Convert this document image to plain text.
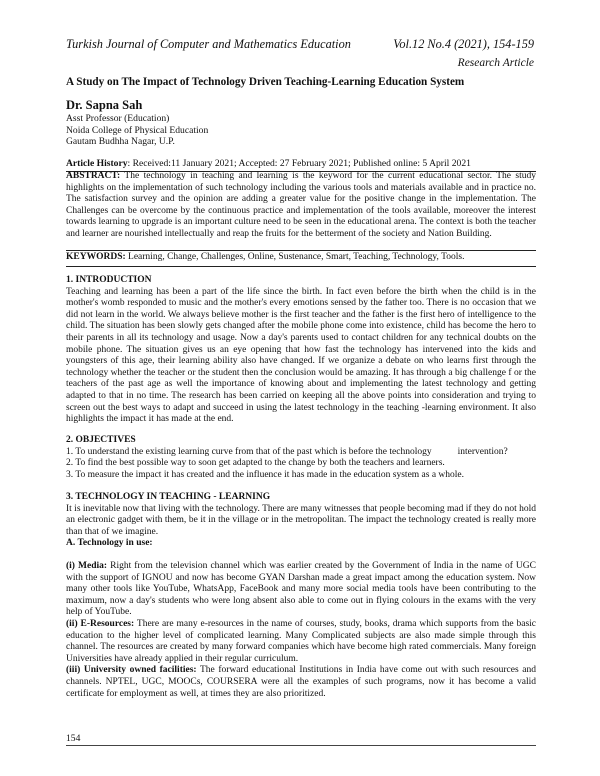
Turkish Journal of Computer and Mathematics Education	Vol.12 No.4 (2021), 154-159
Research Article
A Study on The Impact of Technology Driven Teaching-Learning Education System
Dr. Sapna Sah
Asst Professor (Education)
Noida College of Physical Education
Gautam Budhha Nagar, U.P.
Article History: Received:11 January 2021; Accepted: 27 February 2021; Published online: 5 April 2021

ABSTRACT: The technology in teaching and learning is the keyword for the current educational sector. The study highlights on the implementation of such technology including the various tools and materials available and in practice no. The satisfaction survey and the opinion are adding a greater value for the positive change in the implementation. The Challenges can be overcome by the continuous practice and implementation of the tools available, moreover the interest towards learning to upgrade is an important culture need to be seen in the educational arena. The context is both the teacher and learner are nourished intellectually and reap the fruits for the betterment of the society and Nation Building.

KEYWORDS: Learning, Change, Challenges, Online, Sustenance, Smart, Teaching, Technology, Tools.

1. INTRODUCTION

Teaching and learning has been a part of the life since the birth. In fact even before the birth when the child is in the mother's womb responded to music and the mother's every emotions sensed by the father too. There is no occasion that we did not learn in the world. We always believe mother is the first teacher and the father is the first hero of intelligence to the child. The situation has been slowly gets changed after the mobile phone come into existence, child has become the hero to their parents in all its technology and usage. Now a day's parents used to contact children for any technical doubts on the mobile phone. The situation gives us an eye opening that how fast the technology has intervened into the kids and youngsters of this age, their learning ability also have changed. If we organize a debate on who learns first through the technology whether the teacher or the student then the conclusion would be amazing. It has through a big challenge f or the teachers of the past age as well the importance of knowing about and implementing the latest technology and getting adapted to that in no time. The research has been carried on keeping all the above points into consideration and trying to screen out the best ways to adapt and succeed in using the latest technology in the teaching -learning environment. It also highlights the impact it has made at the end.

2. OBJECTIVES

1. To understand the existing learning curve from that of the past which is before the technology	intervention?

2. To find the best possible way to soon get adapted to the change by both the teachers and learners.

3. To measure the impact it has created and the influence it has made in the education system as a whole.

3. TECHNOLOGY IN TEACHING - LEARNING

It is inevitable now that living with the technology. There are many witnesses that people becoming mad if they do not hold an electronic gadget with them, be it in the village or in the metropolitan. The impact the technology created is really more than that of we imagine.

A. Technology in use:

(i) Media: Right from the television channel which was earlier created by the Government of India in the name of UGC with the support of IGNOU and now has become GYAN Darshan made a great impact among the education system. Now many other tools like YouTube, WhatsApp, FaceBook and many more social media tools have been contributing to the maximum, now a day's students who were long absent also able to come out in flying colours in the exams with the very help of YouTube.

(ii) E-Resources: There are many e-resources in the name of courses, study, books, drama which supports from the basic education to the higher level of complicated learning. Many Complicated subjects are also made simple through this channel. The resources are created by many forward companies which have become high rated commercials. Many foreign Universities have already applied in their regular curriculum.

(iii) University owned facilities: The forward educational Institutions in India have come out with such resources and channels. NPTEL, UGC, MOOCs, COURSERA were all the examples of such programs, now it has become a valid certificate for employment as well, at times they are also prioritized.

154
